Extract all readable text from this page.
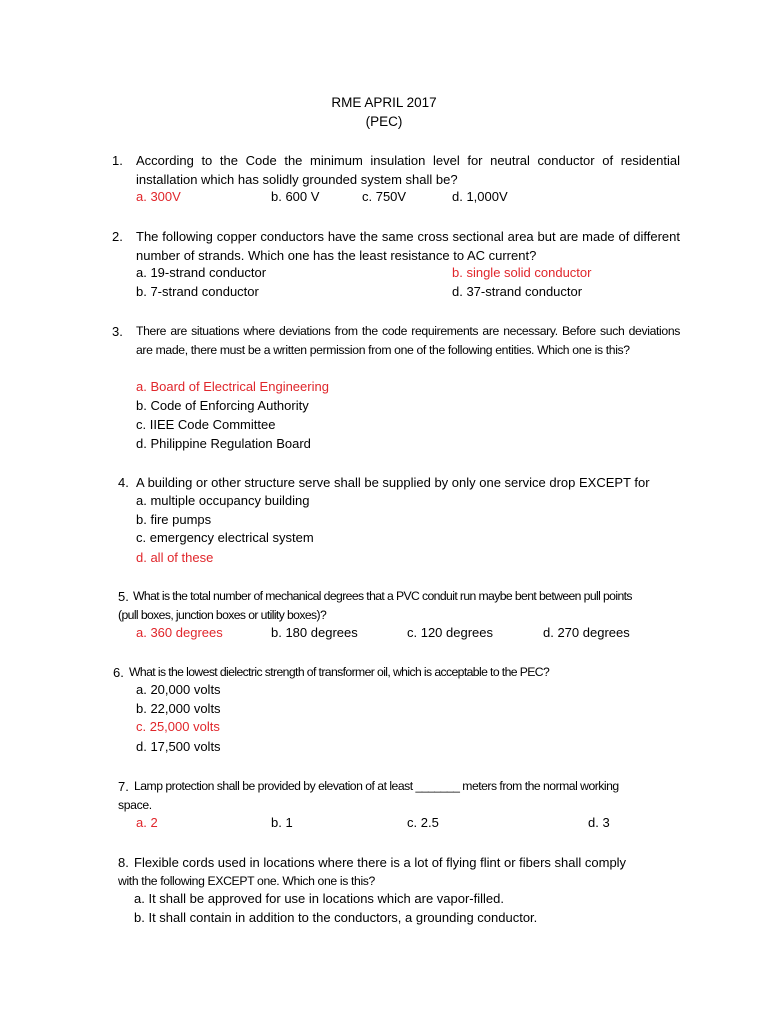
RME APRIL 2017
(PEC)
1. According to the Code the minimum insulation level for neutral conductor of residential installation which has solidly grounded system shall be?
a. 300V	b. 600 V	c. 750V	d. 1,000V
2. The following copper conductors have the same cross sectional area but are made of different number of strands. Which one has the least resistance to AC current?
a. 19-strand conductor	b. single solid conductor
b. 7-strand conductor	d. 37-strand conductor
3. There are situations where deviations from the code requirements are necessary. Before such deviations are made, there must be a written permission from one of the following entities. Which one is this?
a. Board of Electrical Engineering
b. Code of Enforcing Authority
c. IIEE Code Committee
d. Philippine Regulation Board
4. A building or other structure serve shall be supplied by only one service drop EXCEPT for
a. multiple occupancy building
b. fire pumps
c. emergency electrical system
d. all of these
5. What is the total number of mechanical degrees that a PVC conduit run maybe bent between pull points
(pull boxes, junction boxes or utility boxes)?
a. 360 degrees	b. 180 degrees	c. 120 degrees	d. 270 degrees
6. What is the lowest dielectric strength of transformer oil, which is acceptable to the PEC?
a. 20,000 volts
b. 22,000 volts
c. 25,000 volts
d. 17,500 volts
7. Lamp protection shall be provided by elevation of at least _______ meters from the normal working
space.
a. 2	b. 1	c. 2.5	d. 3
8. Flexible cords used in locations where there is a lot of flying flint or fibers shall comply
with the following EXCEPT one. Which one is this?
a. It shall be approved for use in locations which are vapor-filled.
b. It shall contain in addition to the conductors, a grounding conductor.
